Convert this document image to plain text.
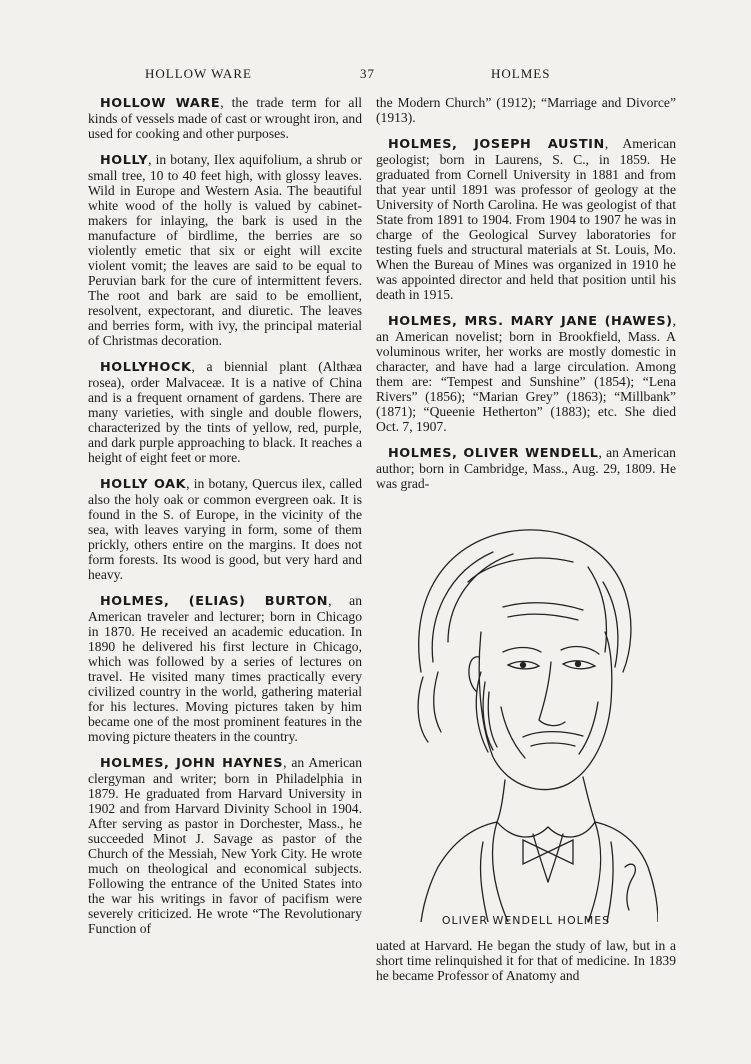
HOLLOW WARE	37	HOLMES

HOLLOW WARE, the trade term for all kinds of vessels made of cast or wrought iron, and used for cooking and other purposes.

HOLLY, in botany, Ilex aquifolium, a shrub or small tree, 10 to 40 feet high, with glossy leaves. Wild in Europe and Western Asia. The beautiful white wood of the holly is valued by cabinet-makers for inlaying, the bark is used in the manufacture of birdlime, the berries are so violently emetic that six or eight will excite violent vomit; the leaves are said to be equal to Peruvian bark for the cure of intermittent fevers. The root and bark are said to be emollient, resolvent, expectorant, and diuretic. The leaves and berries form, with ivy, the principal material of Christmas decoration.

HOLLYHOCK, a biennial plant (Althæa rosea), order Malvaceæ. It is a native of China and is a frequent ornament of gardens. There are many varieties, with single and double flowers, characterized by the tints of yellow, red, purple, and dark purple approaching to black. It reaches a height of eight feet or more.

HOLLY OAK, in botany, Quercus ilex, called also the holy oak or common evergreen oak. It is found in the S. of Europe, in the vicinity of the sea, with leaves varying in form, some of them prickly, others entire on the margins. It does not form forests. Its wood is good, but very hard and heavy.

HOLMES, (ELIAS) BURTON, an American traveler and lecturer; born in Chicago in 1870. He received an academic education. In 1890 he delivered his first lecture in Chicago, which was followed by a series of lectures on travel. He visited many times practically every civilized country in the world, gathering material for his lectures. Moving pictures taken by him became one of the most prominent features in the moving picture theaters in the country.

HOLMES, JOHN HAYNES, an American clergyman and writer; born in Philadelphia in 1879. He graduated from Harvard University in 1902 and from Harvard Divinity School in 1904. After serving as pastor in Dorchester, Mass., he succeeded Minot J. Savage as pastor of the Church of the Messiah, New York City. He wrote much on theological and economical subjects. Following the entrance of the United States into the war his writings in favor of pacifism were severely criticized. He wrote “The Revolutionary Function of

the Modern Church” (1912); “Marriage and Divorce” (1913).

HOLMES, JOSEPH AUSTIN, American geologist; born in Laurens, S. C., in 1859. He graduated from Cornell University in 1881 and from that year until 1891 was professor of geology at the University of North Carolina. He was geologist of that State from 1891 to 1904. From 1904 to 1907 he was in charge of the Geological Survey laboratories for testing fuels and structural materials at St. Louis, Mo. When the Bureau of Mines was organized in 1910 he was appointed director and held that position until his death in 1915.

HOLMES, MRS. MARY JANE (HAWES), an American novelist; born in Brookfield, Mass. A voluminous writer, her works are mostly domestic in character, and have had a large circulation. Among them are: “Tempest and Sunshine” (1854); “Lena Rivers” (1856); “Marian Grey” (1863); “Millbank” (1871); “Queenie Hetherton” (1883); etc. She died Oct. 7, 1907.

HOLMES, OLIVER WENDELL, an American author; born in Cambridge, Mass., Aug. 29, 1809. He was grad-

OLIVER WENDELL HOLMES

uated at Harvard. He began the study of law, but in a short time relinquished it for that of medicine. In 1839 he became Professor of Anatomy and
